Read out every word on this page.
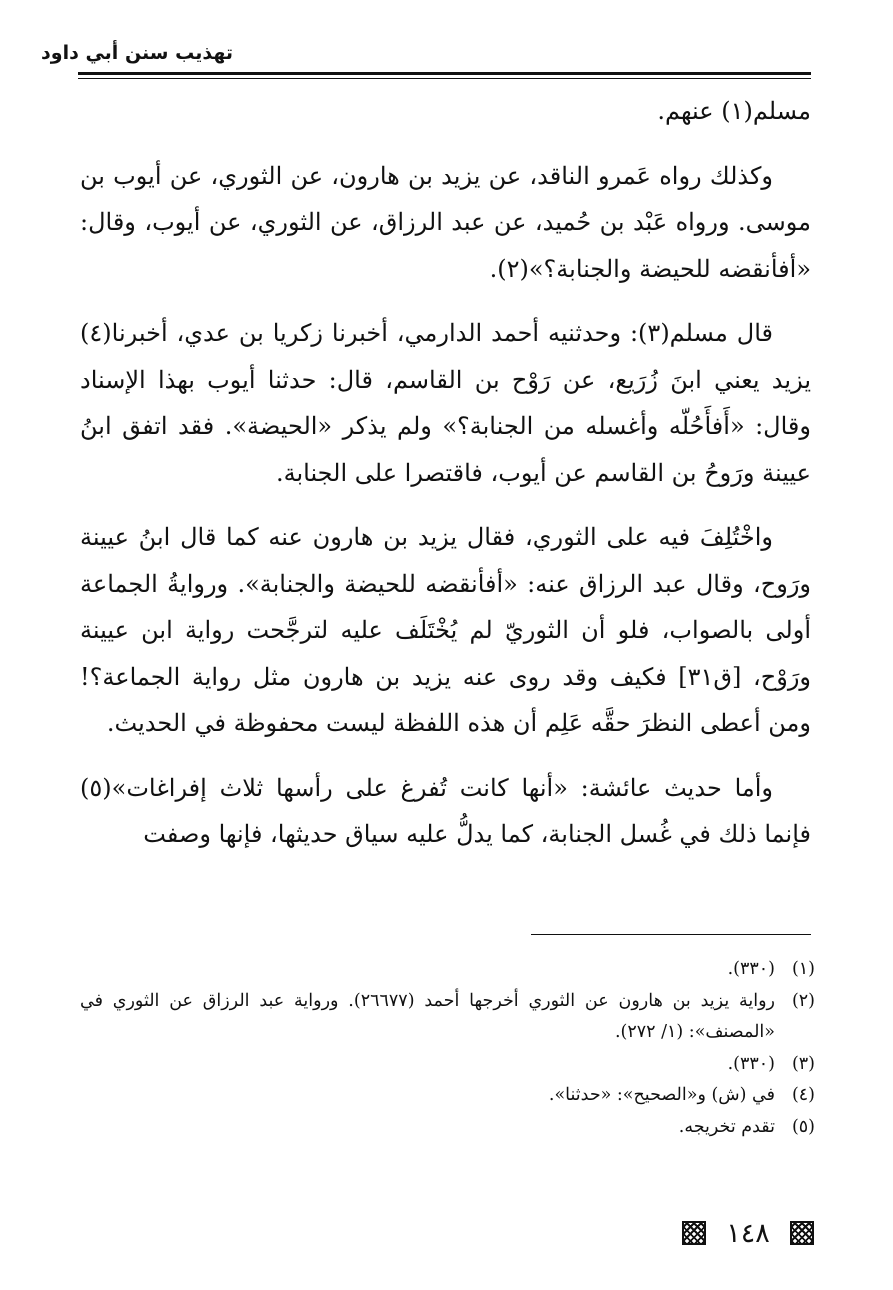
تهذيب سنن أبي داود

مسلم(١) عنهم.

وكذلك رواه عَمرو الناقد، عن يزيد بن هارون، عن الثوري، عن أيوب بن موسى. ورواه عَبْد بن حُميد، عن عبد الرزاق، عن الثوري، عن أيوب، وقال: «أفأنقضه للحيضة والجنابة؟»(٢).

قال مسلم(٣): وحدثنيه أحمد الدارمي، أخبرنا زكريا بن عدي، أخبرنا(٤) يزيد يعني ابنَ زُرَيع، عن رَوْح بن القاسم، قال: حدثنا أيوب بهذا الإسناد وقال: «أَفأَحُلّه وأغسله من الجنابة؟» ولم يذكر «الحيضة». فقد اتفق ابنُ عيينة ورَوحُ بن القاسم عن أيوب، فاقتصرا على الجنابة.

واخْتُلِفَ فيه على الثوري، فقال يزيد بن هارون عنه كما قال ابنُ عيينة ورَوح، وقال عبد الرزاق عنه: «أفأنقضه للحيضة والجنابة». وروايةُ الجماعة أولى بالصواب، فلو أن الثوريّ لم يُخْتَلَف عليه لترجَّحت رواية ابن عيينة ورَوْح، [ق٣١] فكيف وقد روى عنه يزيد بن هارون مثل رواية الجماعة؟! ومن أعطى النظرَ حقَّه عَلِم أن هذه اللفظة ليست محفوظة في الحديث.

وأما حديث عائشة: «أنها كانت تُفرغ على رأسها ثلاث إفراغات»(٥) فإنما ذلك في غُسل الجنابة، كما يدلُّ عليه سياق حديثها، فإنها وصفت

(١)
(٣٣٠).
(٢)
رواية يزيد بن هارون عن الثوري أخرجها أحمد (٢٦٦٧٧). ورواية عبد الرزاق عن الثوري في «المصنف»: (١/ ٢٧٢).
(٣)
(٣٣٠).
(٤)
في (ش) و«الصحيح»: «حدثنا».
(٥)
تقدم تخريجه.
١٤٨
